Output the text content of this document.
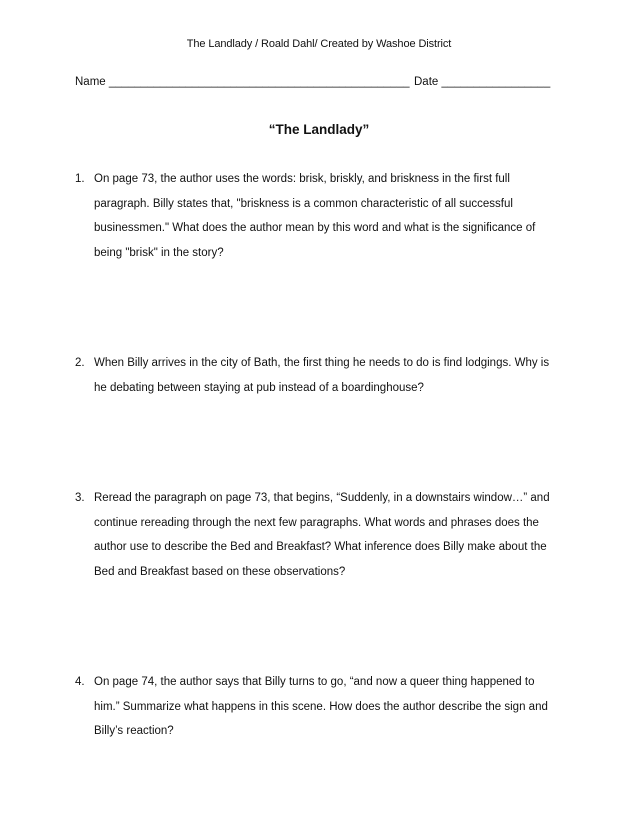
The Landlady / Roald Dahl/ Created by Washoe District
Name _______________________________________________ Date _________________
“The Landlady”
1. On page 73, the author uses the words: brisk, briskly, and briskness in the first full paragraph. Billy states that, "briskness is a common characteristic of all successful businessmen." What does the author mean by this word and what is the significance of being "brisk" in the story?
2. When Billy arrives in the city of Bath, the first thing he needs to do is find lodgings. Why is he debating between staying at pub instead of a boardinghouse?
3. Reread the paragraph on page 73, that begins, “Suddenly, in a downstairs window…” and continue rereading through the next few paragraphs. What words and phrases does the author use to describe the Bed and Breakfast? What inference does Billy make about the Bed and Breakfast based on these observations?
4. On page 74, the author says that Billy turns to go, “and now a queer thing happened to him.” Summarize what happens in this scene. How does the author describe the sign and Billy’s reaction?
